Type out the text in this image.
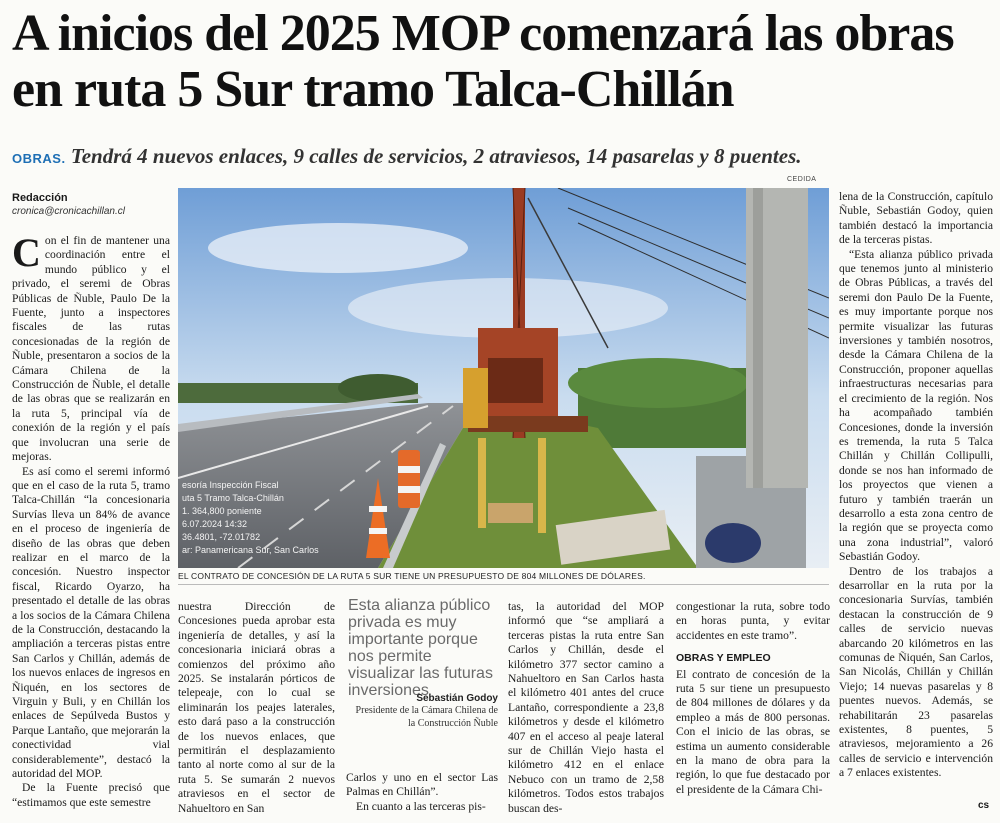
A inicios del 2025 MOP comenzará las obras en ruta 5 Sur tramo Talca-Chillán
OBRAS. Tendrá 4 nuevos enlaces, 9 calles de servicios, 2 atraviesos, 14 pasarelas y 8 puentes.
CEDIDA
Redacción
cronica@cronicachillan.cl

Con el fin de mantener una coordinación entre el mundo público y el privado, el seremi de Obras Públicas de Ñuble, Paulo De la Fuente, junto a inspectores fiscales de las rutas concesionadas de la región de Ñuble, presentaron a socios de la Cámara Chilena de la Construcción de Ñuble, el detalle de las obras que se realizarán en la ruta 5, principal vía de conexión de la región y el país que involucran una serie de mejoras.

Es así como el seremi informó que en el caso de la ruta 5, tramo Talca-Chillán “la concesionaria Survías lleva un 84% de avance en el proceso de ingeniería de diseño de las obras que deben realizar en el marco de la concesión. Nuestro inspector fiscal, Ricardo Oyarzo, ha presentado el detalle de las obras a los socios de la Cámara Chilena de la Construcción, destacando la ampliación a terceras pistas entre San Carlos y Chillán, además de los nuevos enlaces de ingresos en Ñiquén, en los sectores de Virguin y Buli, y en Chillán los enlaces de Sepúlveda Bustos y Parque Lantaño, que mejorarán la conectividad vial considerablemente”, destacó la autoridad del MOP.

De la Fuente precisó que “estimamos que este semestre

esoría Inspección Fiscal
uta 5 Tramo Talca-Chillán
1. 364,800 poniente
6.07.2024 14:32
36.4801, -72.01782
ar: Panamericana Sur, San Carlos
EL CONTRATO DE CONCESIÓN DE LA RUTA 5 SUR TIENE UN PRESUPUESTO DE 804 MILLONES DE DÓLARES.

nuestra Dirección de Concesiones pueda aprobar esta ingeniería de detalles, y así la concesionaria iniciará obras a comienzos del próximo año 2025. Se instalarán pórticos de telepeaje, con lo cual se eliminarán los peajes laterales, esto dará paso a la construcción de los nuevos enlaces, que permitirán el desplazamiento tanto al norte como al sur de la ruta 5. Se sumarán 2 nuevos atraviesos en el sector de Nahueltoro en San

Esta alianza público privada es muy importante porque nos permite visualizar las futuras inversiones
Sebastián Godoy
Presidente de la Cámara Chilena de la Construcción Ñuble

Carlos y uno en el sector Las Palmas en Chillán”.

En cuanto a las terceras pis-

tas, la autoridad del MOP informó que “se ampliará a terceras pistas la ruta entre San Carlos y Chillán, desde el kilómetro 377 sector camino a Nahueltoro en San Carlos hasta el kilómetro 401 antes del cruce Lantaño, correspondiente a 23,8 kilómetros y desde el kilómetro 407 en el acceso al peaje lateral sur de Chillán Viejo hasta el kilómetro 412 en el enlace Nebuco con un tramo de 2,58 kilómetros. Todos estos trabajos buscan des-

congestionar la ruta, sobre todo en horas punta, y evitar accidentes en este tramo”.

OBRAS Y EMPLEO

El contrato de concesión de la ruta 5 sur tiene un presupuesto de 804 millones de dólares y da empleo a más de 800 personas. Con el inicio de las obras, se estima un aumento considerable en la mano de obra para la región, lo que fue destacado por el presidente de la Cámara Chi-

lena de la Construcción, capítulo Ñuble, Sebastián Godoy, quien también destacó la importancia de la terceras pistas.

“Esta alianza público privada que tenemos junto al ministerio de Obras Públicas, a través del seremi don Paulo De la Fuente, es muy importante porque nos permite visualizar las futuras inversiones y también nosotros, desde la Cámara Chilena de la Construcción, proponer aquellas infraestructuras necesarias para el crecimiento de la región. Nos ha acompañado también Concesiones, donde la inversión es tremenda, la ruta 5 Talca Chillán y Chillán Collipulli, donde se nos han informado de los proyectos que vienen a futuro y también traerán un desarrollo a esta zona centro de la región que se proyecta como una zona industrial”, valoró Sebastián Godoy.

Dentro de los trabajos a desarrollar en la ruta por la concesionaria Survías, también destacan la construcción de 9 calles de servicio nuevas abarcando 20 kilómetros en las comunas de Ñiquén, San Carlos, San Nicolás, Chillán y Chillán Viejo; 14 nuevas pasarelas y 8 puentes nuevos. Además, se rehabilitarán 23 pasarelas existentes, 8 puentes, 5 atraviesos, mejoramiento a 26 calles de servicio e intervención a 7 enlaces existentes.

cs
